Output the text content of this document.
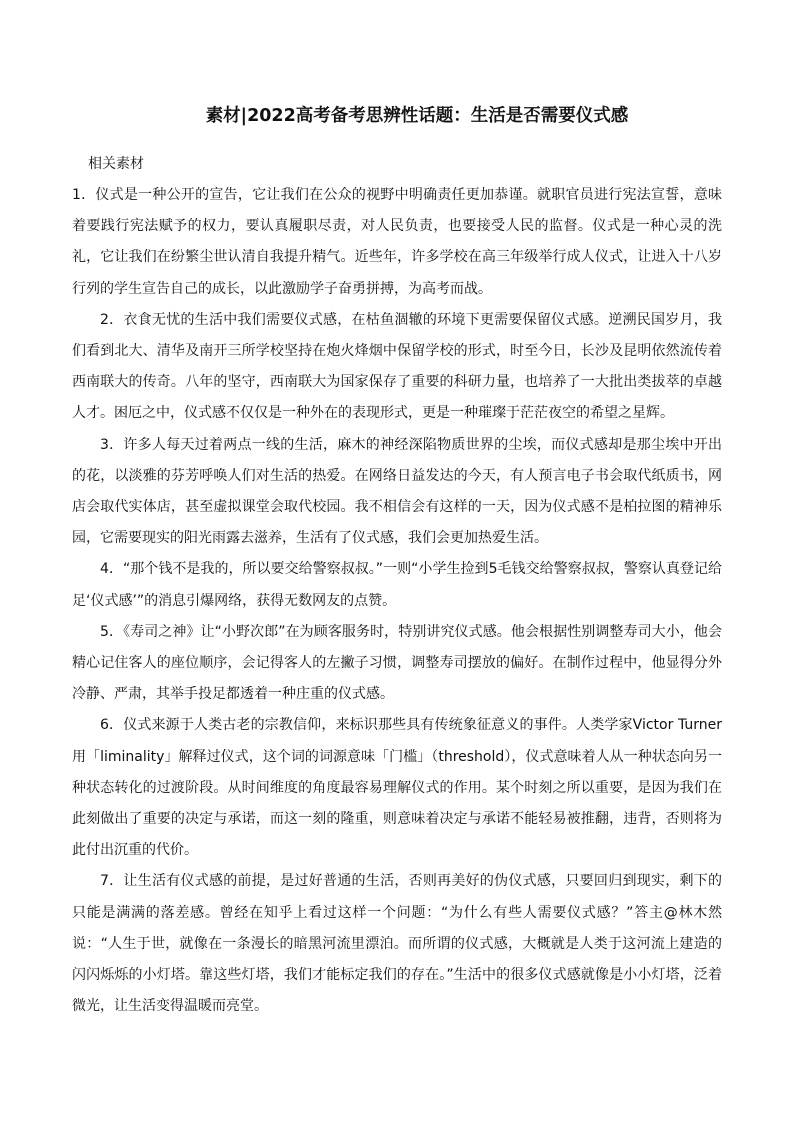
素材|2022高考备考思辨性话题：生活是否需要仪式感
相关素材

1．仪式是一种公开的宣告，它让我们在公众的视野中明确责任更加恭谨。就职官员进行宪法宣誓，意味着要践行宪法赋予的权力，要认真履职尽责，对人民负责，也要接受人民的监督。仪式是一种心灵的洗礼，它让我们在纷繁尘世认清自我提升精气。近些年，许多学校在高三年级举行成人仪式，让进入十八岁行列的学生宣告自己的成长，以此激励学子奋勇拼搏，为高考而战。

2．衣食无忧的生活中我们需要仪式感，在枯鱼涸辙的环境下更需要保留仪式感。逆溯民国岁月，我们看到北大、清华及南开三所学校坚持在炮火烽烟中保留学校的形式，时至今日，长沙及昆明依然流传着西南联大的传奇。八年的坚守，西南联大为国家保存了重要的科研力量，也培养了一大批出类拔萃的卓越人才。困厄之中，仪式感不仅仅是一种外在的表现形式，更是一种璀璨于茫茫夜空的希望之星辉。

3．许多人每天过着两点一线的生活，麻木的神经深陷物质世界的尘埃，而仪式感却是那尘埃中开出的花，以淡雅的芬芳呼唤人们对生活的热爱。在网络日益发达的今天，有人预言电子书会取代纸质书，网店会取代实体店，甚至虚拟课堂会取代校园。我不相信会有这样的一天，因为仪式感不是柏拉图的精神乐园，它需要现实的阳光雨露去滋养，生活有了仪式感，我们会更加热爱生活。

4．“那个钱不是我的，所以要交给警察叔叔。”一则“小学生捡到5毛钱交给警察叔叔，警察认真登记给足‘仪式感’”的消息引爆网络，获得无数网友的点赞。

5．《寿司之神》让“小野次郎”在为顾客服务时，特别讲究仪式感。他会根据性别调整寿司大小，他会精心记住客人的座位顺序，会记得客人的左撇子习惯，调整寿司摆放的偏好。在制作过程中，他显得分外冷静、严肃，其举手投足都透着一种庄重的仪式感。

6．仪式来源于人类古老的宗教信仰，来标识那些具有传统象征意义的事件。人类学家Victor Turner用「liminality」解释过仪式，这个词的词源意味「门槛」（threshold），仪式意味着人从一种状态向另一种状态转化的过渡阶段。从时间维度的角度最容易理解仪式的作用。某个时刻之所以重要，是因为我们在此刻做出了重要的决定与承诺，而这一刻的隆重，则意味着决定与承诺不能轻易被推翻，违背，否则将为此付出沉重的代价。

7．让生活有仪式感的前提，是过好普通的生活，否则再美好的伪仪式感，只要回归到现实，剩下的只能是满满的落差感。曾经在知乎上看过这样一个问题：“为什么有些人需要仪式感？”答主@林木然说：“人生于世，就像在一条漫长的暗黑河流里漂泊。而所谓的仪式感，大概就是人类于这河流上建造的闪闪烁烁的小灯塔。靠这些灯塔，我们才能标定我们的存在。”生活中的很多仪式感就像是小小灯塔，泛着微光，让生活变得温暖而亮堂。
